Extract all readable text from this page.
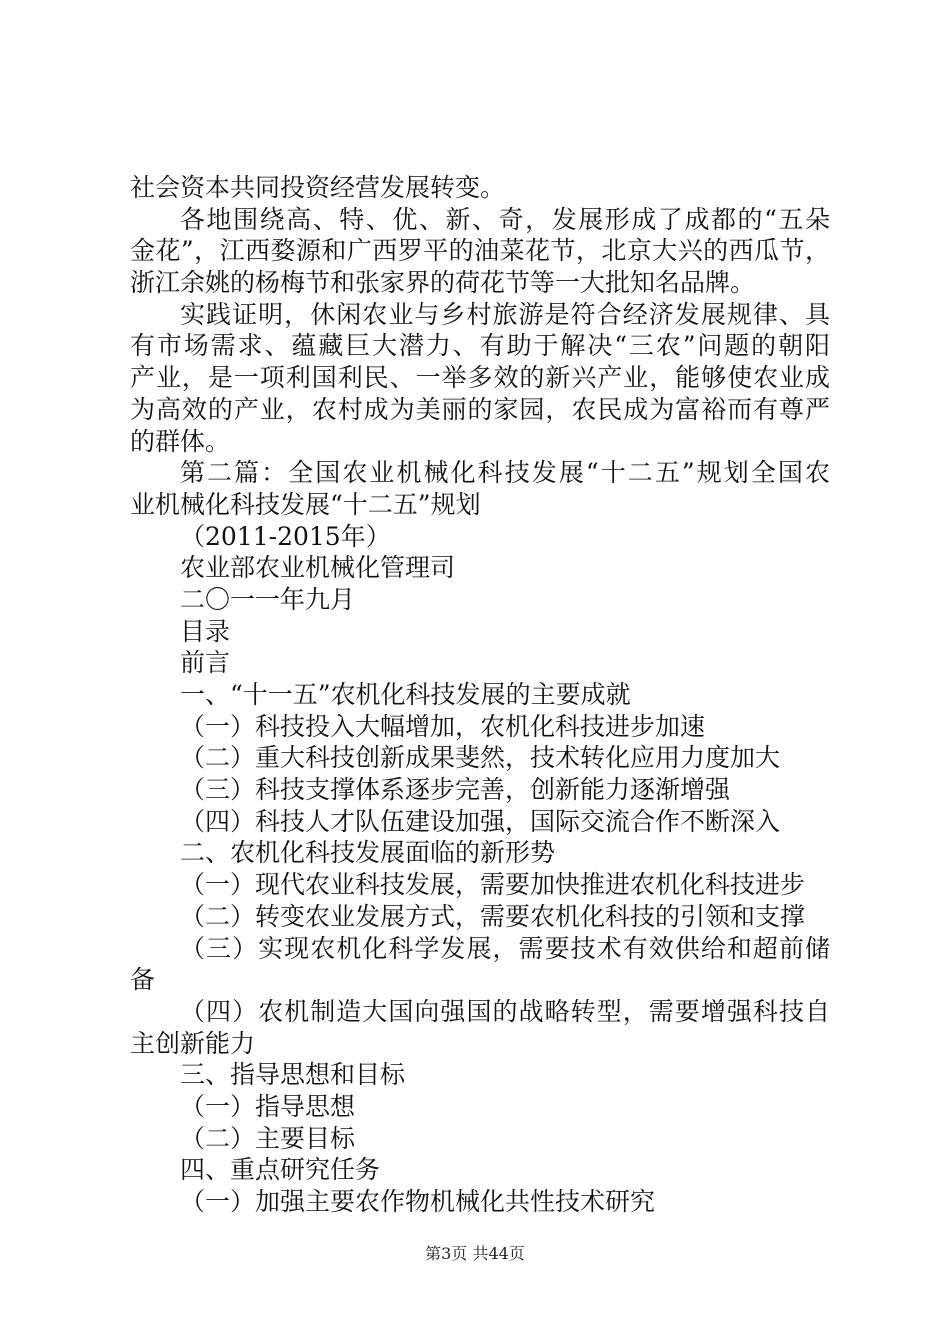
社会资本共同投资经营发展转变。
各地围绕高、特、优、新、奇，发展形成了成都的“五朵
金花”，江西婺源和广西罗平的油菜花节，北京大兴的西瓜节，
浙江余姚的杨梅节和张家界的荷花节等一大批知名品牌。
实践证明，休闲农业与乡村旅游是符合经济发展规律、具
有市场需求、蕴藏巨大潜力、有助于解决“三农”问题的朝阳
产业，是一项利国利民、一举多效的新兴产业，能够使农业成
为高效的产业，农村成为美丽的家园，农民成为富裕而有尊严
的群体。
第二篇：全国农业机械化科技发展“十二五”规划全国农
业机械化科技发展“十二五”规划
（2011-2015年）
农业部农业机械化管理司
二〇一一年九月
目录
前言
一、“十一五”农机化科技发展的主要成就
（一）科技投入大幅增加，农机化科技进步加速
（二）重大科技创新成果斐然，技术转化应用力度加大
（三）科技支撑体系逐步完善，创新能力逐渐增强
（四）科技人才队伍建设加强，国际交流合作不断深入
二、农机化科技发展面临的新形势
（一）现代农业科技发展，需要加快推进农机化科技进步
（二）转变农业发展方式，需要农机化科技的引领和支撑
（三）实现农机化科学发展，需要技术有效供给和超前储
备
（四）农机制造大国向强国的战略转型，需要增强科技自
主创新能力
三、指导思想和目标
（一）指导思想
（二）主要目标
四、重点研究任务
（一）加强主要农作物机械化共性技术研究
第3页 共44页
